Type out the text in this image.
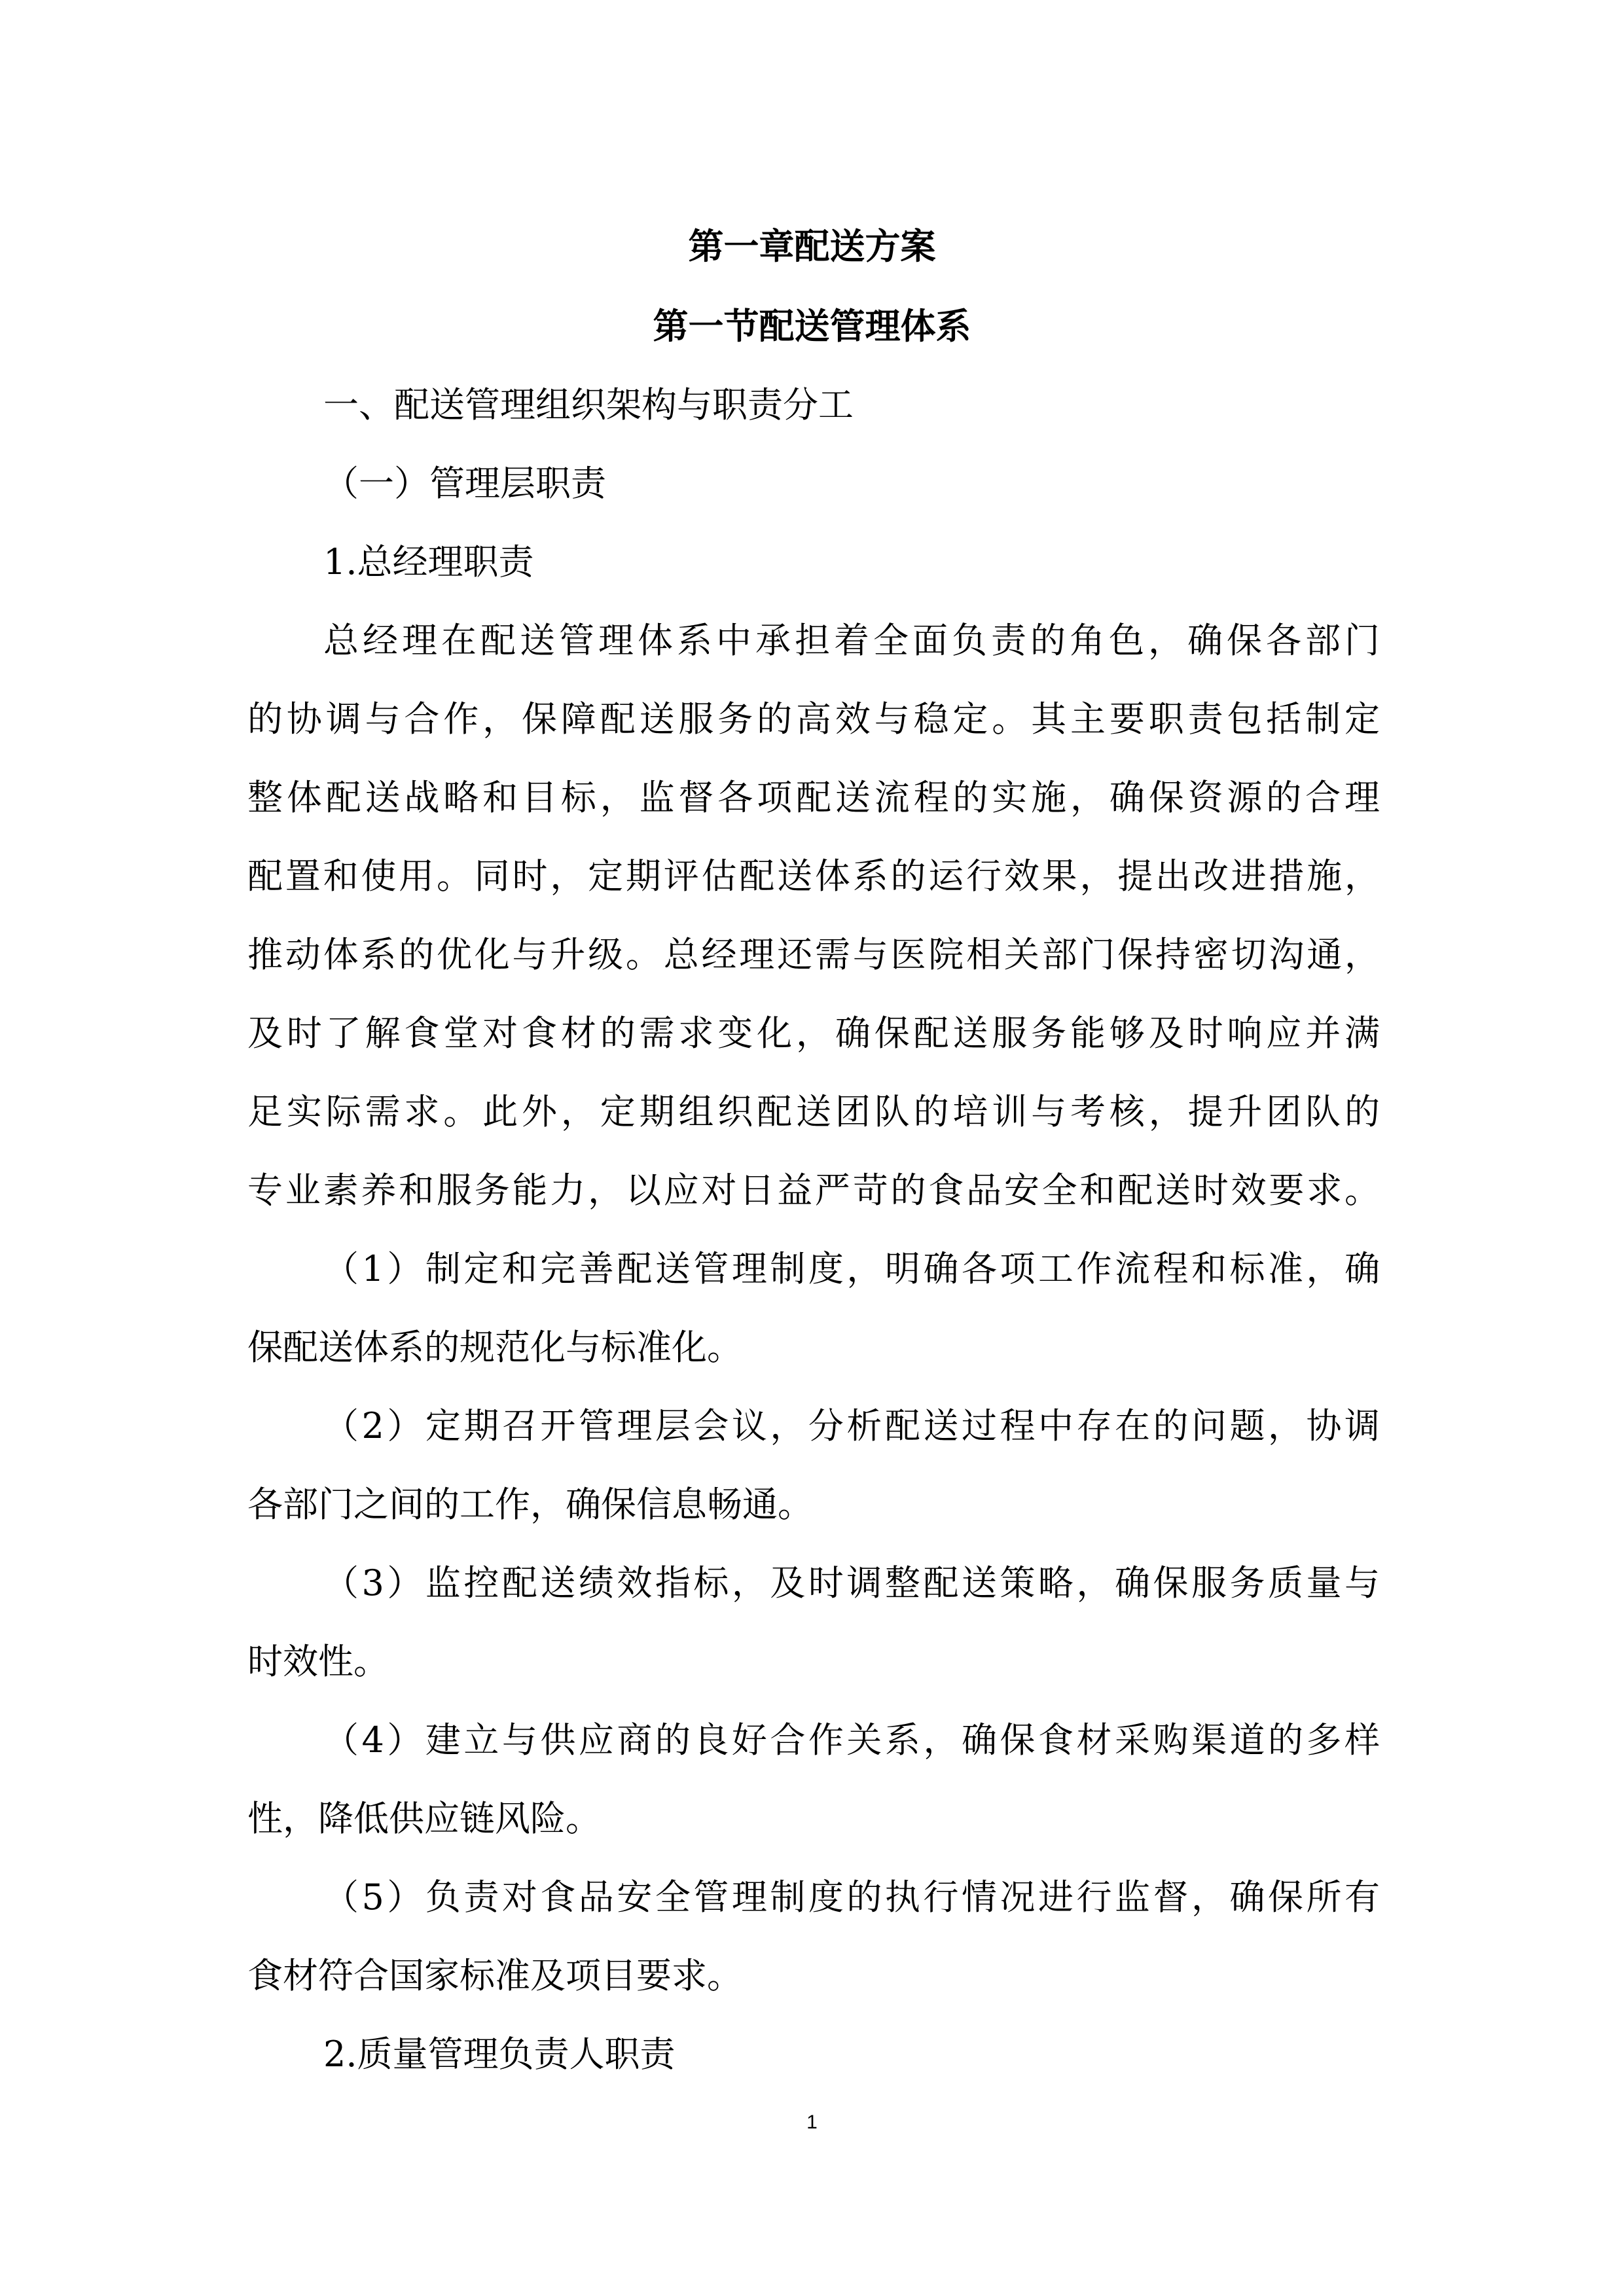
第一章配送方案
第一节配送管理体系

一、配送管理组织架构与职责分工

（一）管理层职责

1.总经理职责

总经理在配送管理体系中承担着全面负责的角色，确保各部门

的协调与合作，保障配送服务的高效与稳定。其主要职责包括制定

整体配送战略和目标，监督各项配送流程的实施，确保资源的合理

配置和使用。同时，定期评估配送体系的运行效果，提出改进措施，

推动体系的优化与升级。总经理还需与医院相关部门保持密切沟通，

及时了解食堂对食材的需求变化，确保配送服务能够及时响应并满

足实际需求。此外，定期组织配送团队的培训与考核，提升团队的

专业素养和服务能力，以应对日益严苛的食品安全和配送时效要求。

（1）制定和完善配送管理制度，明确各项工作流程和标准，确

保配送体系的规范化与标准化。

（2）定期召开管理层会议，分析配送过程中存在的问题，协调

各部门之间的工作，确保信息畅通。

（3）监控配送绩效指标，及时调整配送策略，确保服务质量与

时效性。

（4）建立与供应商的良好合作关系，确保食材采购渠道的多样

性，降低供应链风险。

（5）负责对食品安全管理制度的执行情况进行监督，确保所有

食材符合国家标准及项目要求。

2.质量管理负责人职责

1
